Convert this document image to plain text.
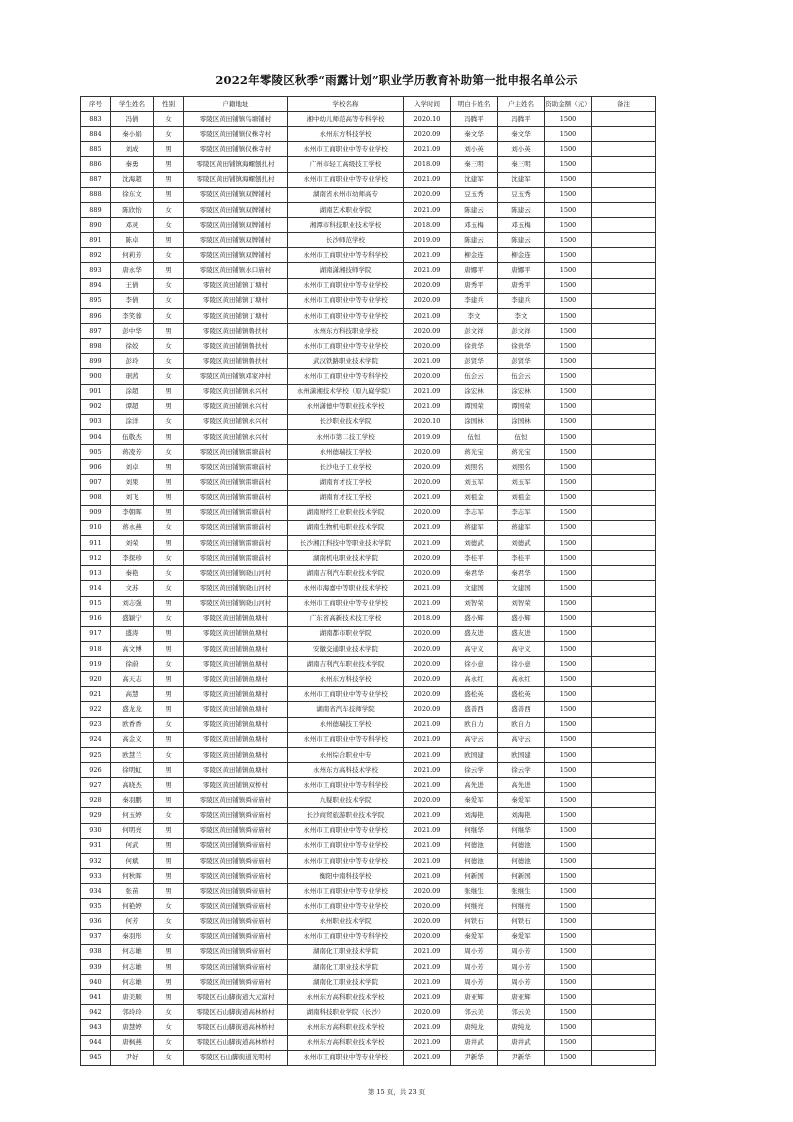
2022年零陵区秋季“雨露计划”职业学历教育补助第一批申报名单公示
序号	学生姓名	性别	户籍地址	学校名称	入学时间	明白卡姓名	户主姓名	资助金额（元）	备注
883	冯倩	女	零陵区黄田铺镇鸟塘铺村	湘中幼儿师范高等专科学校	2020.10	冯腾平	冯腾平	1500	
884	秦小娟	女	零陵区黄田铺镇仪株寺村	永州东方科技学校	2020.09	秦文华	秦文华	1500	
885	刘成	男	零陵区黄田铺镇仪株寺村	永州市工商职业中等专业学校	2021.09	刘小英	刘小英	1500	
886	秦勇	男	零陵区黄田铺镇海螺刨扎村	广州市轻工高级技工学校	2018.09	秦三明	秦三明	1500	
887	沈海超	男	零陵区黄田铺镇海螺刨扎村	永州市工商职业中等专业学校	2021.09	沈建军	沈建军	1500	
888	徐东文	男	零陵区黄田铺镇双牌铺村	湖南省永州市幼师高专	2020.09	豆玉秀	豆玉秀	1500	
889	陈欣怡	女	零陵区黄田铺镇双牌铺村	湖南艺术职业学院	2021.09	陈建云	陈建云	1500	
890	邓灵	女	零陵区黄田铺镇双牌铺村	湘潭市科技职业技术学校	2018.09	邓玉梅	邓玉梅	1500	
891	陈卓	男	零陵区黄田铺镇双牌铺村	长沙师范学校	2019.09	陈建云	陈建云	1500	
892	何莉芳	女	零陵区黄田铺镇双牌铺村	永州市工商职业中等专科学校	2021.09	柳金连	柳金连	1500	
893	唐永华	男	零陵区黄田铺镇水口庙村	湖南潇湘技师学院	2021.09	唐娜平	唐娜平	1500	
894	王倩	女	零陵区黄田铺镇丁塘村	永州市工商职业中等专业学校	2020.09	唐秀平	唐秀平	1500	
895	李倩	女	零陵区黄田铺镇丁塘村	永州市工商职业中等专业学校	2020.09	李建兵	李建兵	1500	
896	李笑蓉	女	零陵区黄田铺镇丁塘村	永州市工商职业中等专业学校	2021.09	李文	李文	1500	
897	彭中华	男	零陵区黄田铺镇鲁扶村	永州东方科技职业学校	2020.09	彭文祥	彭文祥	1500	
898	徐姣	女	零陵区黄田铺镇鲁扶村	永州市工商职业中等专业学校	2020.09	徐贵华	徐贵华	1500	
899	彭玲	女	零陵区黄田铺镇鲁扶村	武汉铁路职业技术学院	2021.09	彭贤华	彭贤华	1500	
900	琚茜	女	零陵区黄田铺镇邓家冲村	永州市工商职业中等专科学校	2020.09	伍会云	伍会云	1500	
901	涂超	男	零陵区黄田铺镇永兴村	永州潇湘技术学校（原九嶷学院）	2021.09	涂宏林	涂宏林	1500	
902	谭超	男	零陵区黄田铺镇永兴村	永州潇德中等职业技术学校	2021.09	谭国荣	谭国荣	1500	
903	涂洋	女	零陵区黄田铺镇永兴村	长沙职业技术学院	2020.10	涂国林	涂国林	1500	
904	伍敬杰	男	零陵区黄田铺镇永兴村	永州市第二技工学校	2019.09	伍恒	伍恒	1500	
905	蒋凌芳	女	零陵区黄田铺镇雷塘前村	永州德瑞技工学校	2020.09	蒋光宝	蒋光宝	1500	
906	刘卓	男	零陵区黄田铺镇雷塘前村	长沙电子工业学校	2020.09	刘照名	刘照名	1500	
907	刘果	男	零陵区黄田铺镇雷塘前村	湖南育才技工学校	2020.09	刘玉军	刘玉军	1500	
908	刘飞	男	零陵区黄田铺镇雷塘前村	湖南育才技工学校	2021.09	刘祖金	刘祖金	1500	
909	李朝晖	男	零陵区黄田铺镇雷塘前村	湖南财经工业职业技术学院	2020.09	李志军	李志军	1500	
910	蒋永燕	女	零陵区黄田铺镇雷塘前村	湖南生物机电职业技术学院	2021.09	蒋建军	蒋建军	1500	
911	刘荣	男	零陵区黄田铺镇雷塘前村	长沙湘江科技中等职业技术学院	2021.09	刘德武	刘德武	1500	
912	李探珍	女	零陵区黄田铺镇雷塘前村	湖南机电职业技术学院	2020.09	李桂平	李桂平	1500	
913	秦艳	女	零陵区黄田铺镇晓山河村	湖南吉利汽车职业技术学院	2020.09	秦君华	秦君华	1500	
914	文苏	女	零陵区黄田铺镇晓山河村	永州市海嘉中等职业技术学校	2021.09	文建国	文建国	1500	
915	刘志强	男	零陵区黄田铺镇晓山河村	永州市工商职业中等专业学校	2021.09	刘智荣	刘智荣	1500	
916	盛颖宁	女	零陵区黄田铺镇鱼塘村	广东省高新技术技工学校	2018.09	盛小辉	盛小辉	1500	
917	盛涛	男	零陵区黄田铺镇鱼塘村	湖南都市职业学院	2020.09	盛友进	盛友进	1500	
918	高文博	男	零陵区黄田铺镇鱼塘村	安徽交通职业技术学院	2020.09	高守义	高守义	1500	
919	徐蔚	女	零陵区黄田铺镇鱼塘村	湖南吉利汽车职业技术学院	2020.09	徐小意	徐小意	1500	
920	高天志	男	零陵区黄田铺镇鱼塘村	永州东方科技学校	2020.09	高永红	高永红	1500	
921	高慧	男	零陵区黄田铺镇鱼塘村	永州市工商职业中等专业学校	2020.09	盛松英	盛松英	1500	
922	盛龙龙	男	零陵区黄田铺镇鱼塘村	湖南省汽车技师学院	2020.09	盛善西	盛善西	1500	
923	欧香香	女	零陵区黄田铺镇鱼塘村	永州德瑞技工学校	2021.09	欧自力	欧自力	1500	
924	高金义	男	零陵区黄田铺镇鱼塘村	永州市工商职业中等专科学校	2021.09	高守云	高守云	1500	
925	欧慧兰	女	零陵区黄田铺镇鱼塘村	永州综合职业中专	2021.09	欧国建	欧国建	1500	
926	徐明虹	男	零陵区黄田铺镇鱼塘村	永州东方高科技术学校	2021.09	徐云学	徐云学	1500	
927	高晓杰	男	零陵区黄田铺镇双桥村	永州市工商职业中等专科学校	2021.09	高先进	高先进	1500	
928	秦羽鹏	男	零陵区黄田铺镇舜帝庙村	九疑职业技术学院	2020.09	秦爱军	秦爱军	1500	
929	何玉婷	女	零陵区黄田铺镇舜帝庙村	长沙商贸旅游职业技术学院	2021.09	刘海艳	刘海艳	1500	
930	何明亮	男	零陵区黄田铺镇舜帝庙村	永州市工商职业中等专业学校	2021.09	何继华	何继华	1500	
931	何武	男	零陵区黄田铺镇舜帝庙村	永州市工商职业中等专业学校	2021.09	何德池	何德池	1500	
932	何斌	男	零陵区黄田铺镇舜帝庙村	永州市工商职业中等专业学校	2021.09	何德池	何德池	1500	
933	何秋晖	男	零陵区黄田铺镇舜帝庙村	衡阳中南科技学校	2021.09	何新国	何新国	1500	
934	张苗	男	零陵区黄田铺镇舜帝庙村	永州市工商职业中等专业学校	2020.09	张继生	张继生	1500	
935	何艳婷	女	零陵区黄田铺镇舜帝庙村	永州市工商职业中等专业学校	2020.09	何继亮	何继亮	1500	
936	何芳	女	零陵区黄田铺镇舜帝庙村	永州职业技术学院	2020.09	何铁石	何铁石	1500	
937	秦羽彤	女	零陵区黄田铺镇舜帝庙村	永州市工商职业中等专科学校	2020.09	秦爱军	秦爱军	1500	
938	何志雄	男	零陵区黄田铺镇舜帝庙村	湖南化工职业技术学院	2021.09	周小芳	周小芳	1500	
939	何志雄	男	零陵区黄田铺镇舜帝庙村	湖南化工职业技术学院	2021.09	周小芳	周小芳	1500	
940	何志雄	男	零陵区黄田铺镇舜帝庙村	湖南化工职业技术学院	2021.09	周小芳	周小芳	1500	
941	唐美顺	男	零陵区石山脚街道大元富村	永州东方高科职业技术学校	2021.09	唐亚辉	唐亚辉	1500	
942	邻玲玲	女	零陵区石山脚街道高林桥村	湖南科技职业学院（长沙）	2020.09	邻云美	邻云美	1500	
943	唐慧婷	女	零陵区石山脚街道高林桥村	永州东方高科职业技术学校	2021.09	唐纯龙	唐纯龙	1500	
944	唐枫燕	女	零陵区石山脚街道高林桥村	永州东方高科职业技术学校	2021.09	唐井武	唐井武	1500	
945	尹好	女	零陵区石山脚街道光明村	永州市工商职业中等专业学校	2021.09	尹新华	尹新华	1500	
第 15 页，共 23 页
